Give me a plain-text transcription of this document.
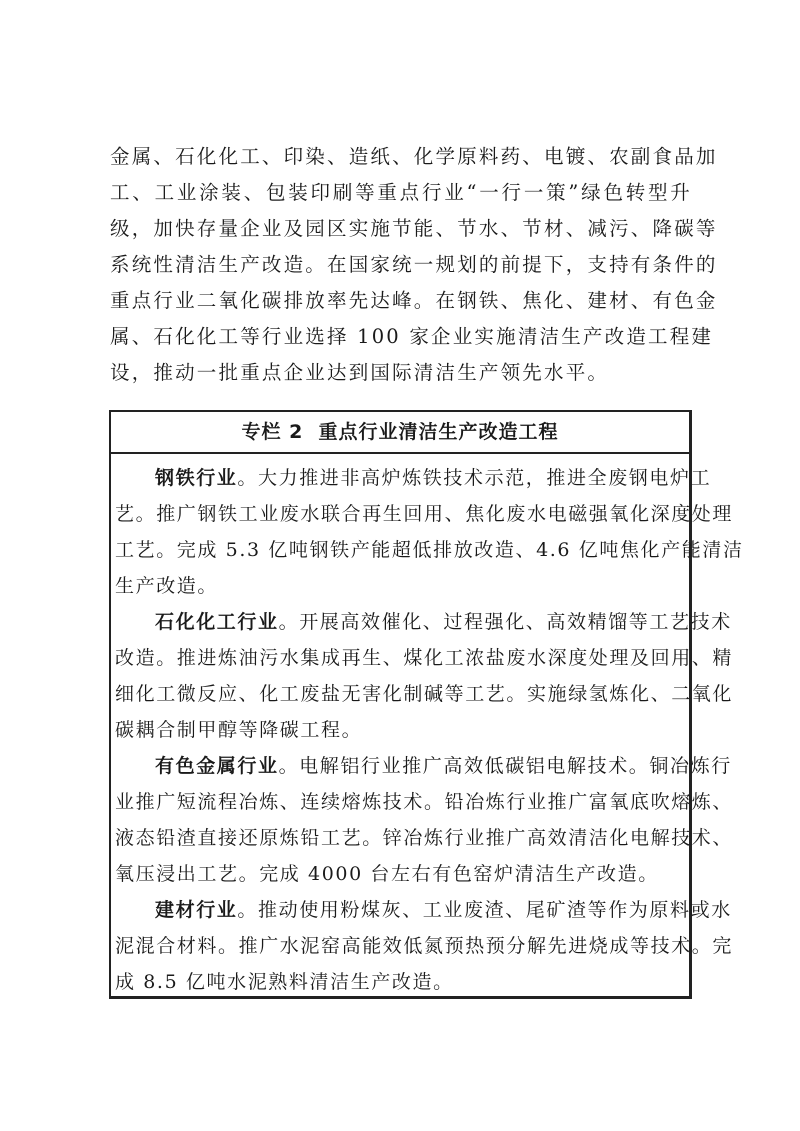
金属、石化化工、印染、造纸、化学原料药、电镀、农副食品加
工、工业涂装、包装印刷等重点行业“一行一策”绿色转型升
级，加快存量企业及园区实施节能、节水、节材、减污、降碳等
系统性清洁生产改造。在国家统一规划的前提下，支持有条件的
重点行业二氧化碳排放率先达峰。在钢铁、焦化、建材、有色金
属、石化化工等行业选择 100 家企业实施清洁生产改造工程建
设，推动一批重点企业达到国际清洁生产领先水平。
专栏 2  重点行业清洁生产改造工程
钢铁行业。大力推进非高炉炼铁技术示范，推进全废钢电炉工
艺。推广钢铁工业废水联合再生回用、焦化废水电磁强氧化深度处理
工艺。完成 5.3 亿吨钢铁产能超低排放改造、4.6 亿吨焦化产能清洁
生产改造。
石化化工行业。开展高效催化、过程强化、高效精馏等工艺技术
改造。推进炼油污水集成再生、煤化工浓盐废水深度处理及回用、精
细化工微反应、化工废盐无害化制碱等工艺。实施绿氢炼化、二氧化
碳耦合制甲醇等降碳工程。
有色金属行业。电解铝行业推广高效低碳铝电解技术。铜冶炼行
业推广短流程冶炼、连续熔炼技术。铅冶炼行业推广富氧底吹熔炼、
液态铅渣直接还原炼铅工艺。锌冶炼行业推广高效清洁化电解技术、
氧压浸出工艺。完成 4000 台左右有色窑炉清洁生产改造。
建材行业。推动使用粉煤灰、工业废渣、尾矿渣等作为原料或水
泥混合材料。推广水泥窑高能效低氮预热预分解先进烧成等技术。完
成 8.5 亿吨水泥熟料清洁生产改造。
